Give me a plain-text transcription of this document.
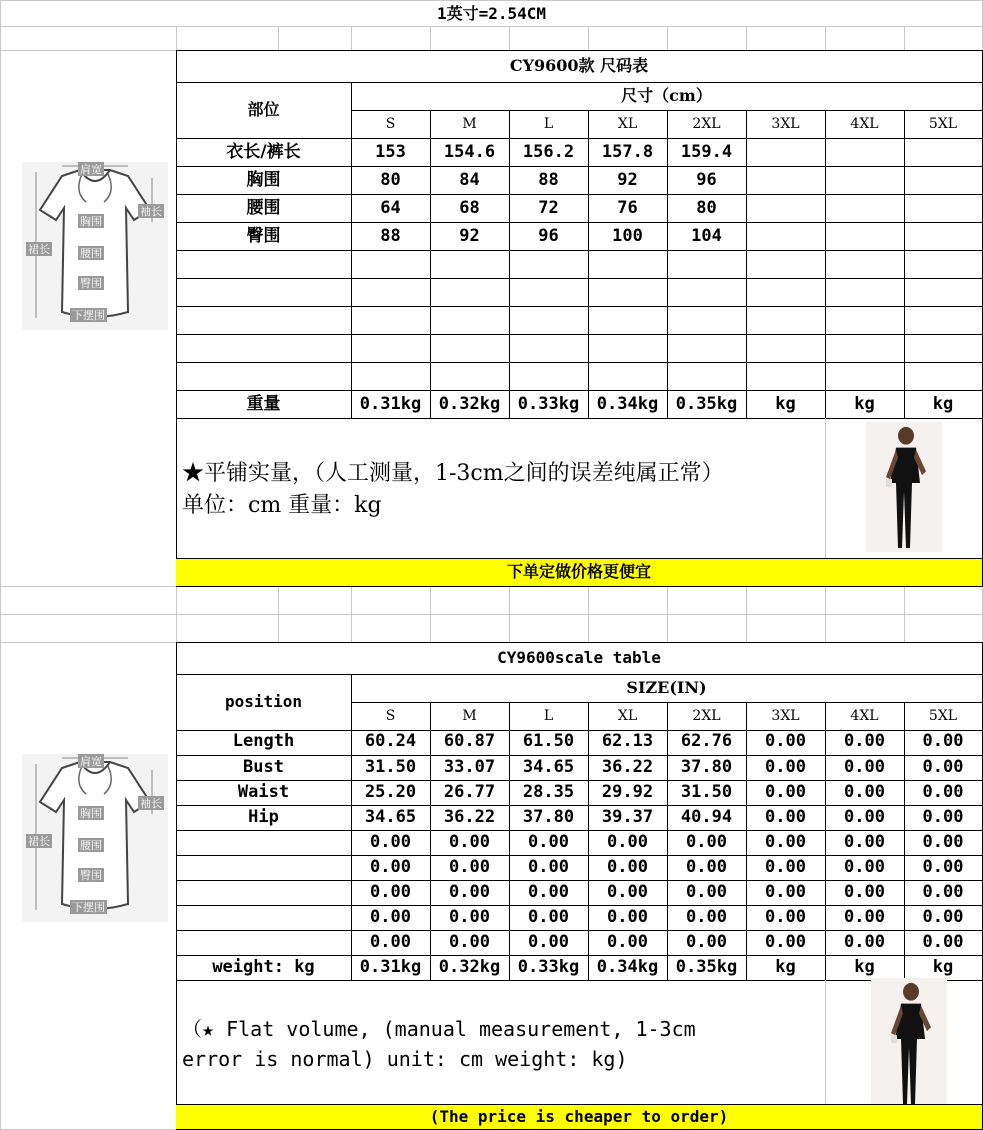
1英寸=2.54CM
CY9600款 尺码表
部位
尺寸（cm）
S	M	L	XL	2XL	3XL	4XL	5XL
衣长/裤长	153	154.6	156.2	157.8	159.4
胸围	80	84	88	92	96
腰围	64	68	72	76	80
臀围	88	92	96	100	104
重量	0.31kg	0.32kg	0.33kg	0.34kg	0.35kg	kg	kg	kg
★平铺实量，（人工测量，1-3cm之间的误差纯属正常）
单位：cm 重量：kg
下单定做价格更便宜
CY9600scale table
position
SIZE(IN)
S	M	L	XL	2XL	3XL	4XL	5XL
Length	60.24	60.87	61.50	62.13	62.76	0.00	0.00	0.00
Bust	31.50	33.07	34.65	36.22	37.80	0.00	0.00	0.00
Waist	25.20	26.77	28.35	29.92	31.50	0.00	0.00	0.00
Hip	34.65	36.22	37.80	39.37	40.94	0.00	0.00	0.00
0.00	0.00	0.00	0.00	0.00	0.00	0.00	0.00
0.00	0.00	0.00	0.00	0.00	0.00	0.00	0.00
0.00	0.00	0.00	0.00	0.00	0.00	0.00	0.00
0.00	0.00	0.00	0.00	0.00	0.00	0.00	0.00
0.00	0.00	0.00	0.00	0.00	0.00	0.00	0.00
weight: kg	0.31kg	0.32kg	0.33kg	0.34kg	0.35kg	kg	kg	kg
（★ Flat volume, (manual measurement, 1-3cm
error is normal) unit: cm weight: kg)
(The price is cheaper to order)
肩宽
袖长
胸围
腰围
臀围
下摆围
裙长
肩宽
袖长
胸围
腰围
臀围
下摆围
裙长
